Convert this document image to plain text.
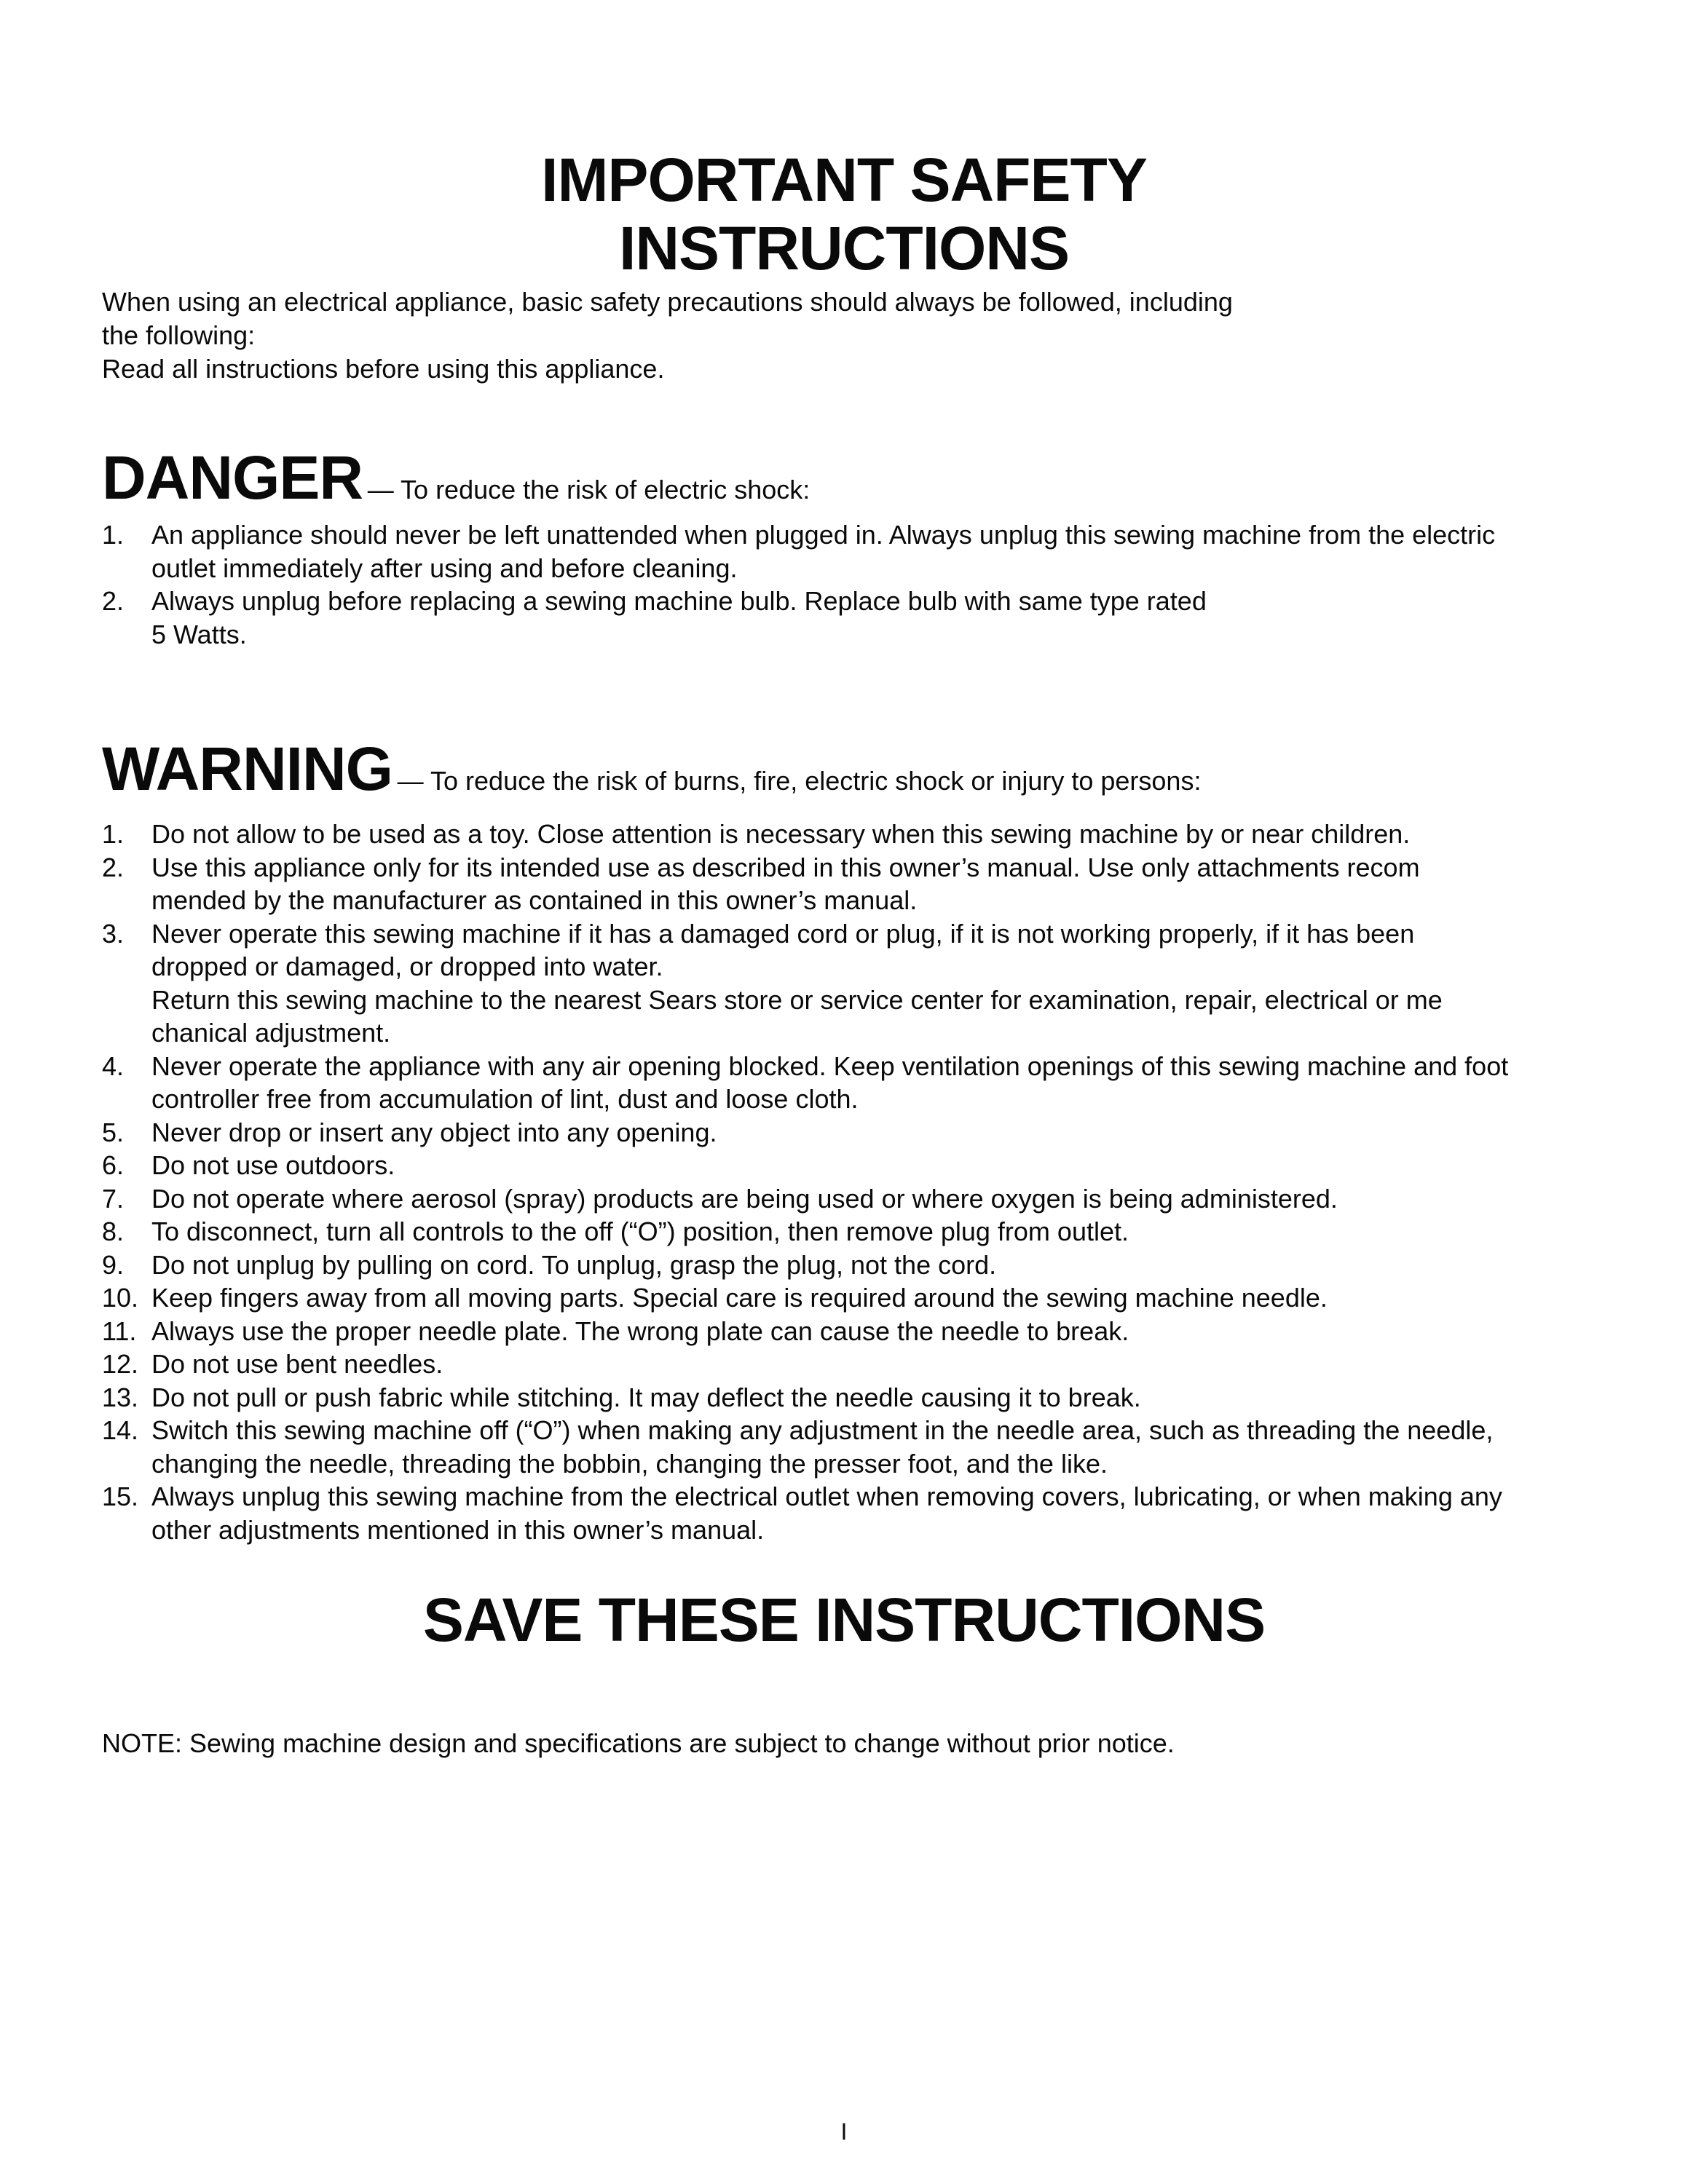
IMPORTANT SAFETY
INSTRUCTIONS

When using an electrical appliance, basic safety precautions should always be followed, including

the following:

Read all instructions before using this appliance.

DANGER — To reduce the risk of electric shock:
1. An appliance should never be left unattended when plugged in. Always unplug this sewing machine from the electric
outlet immediately after using and before cleaning.
2. Always unplug before replacing a sewing machine bulb. Replace bulb with same type rated
5 Watts.
WARNING — To reduce the risk of burns, fire, electric shock or injury to persons:
1. Do not allow to be used as a toy. Close attention is necessary when this sewing machine by or near children.
2. Use this appliance only for its intended use as described in this owner’s manual. Use only attachments recom
mended by the manufacturer as contained in this owner’s manual.
3. Never operate this sewing machine if it has a damaged cord or plug, if it is not working properly, if it has been
dropped or damaged, or dropped into water.
Return this sewing machine to the nearest Sears store or service center for examination, repair, electrical or me
chanical adjustment.
4. Never operate the appliance with any air opening blocked. Keep ventilation openings of this sewing machine and foot
controller free from accumulation of lint, dust and loose cloth.
5. Never drop or insert any object into any opening.
6. Do not use outdoors.
7. Do not operate where aerosol (spray) products are being used or where oxygen is being administered.
8. To disconnect, turn all controls to the off (“O”) position, then remove plug from outlet.
9. Do not unplug by pulling on cord. To unplug, grasp the plug, not the cord.
10. Keep fingers away from all moving parts. Special care is required around the sewing machine needle.
11. Always use the proper needle plate. The wrong plate can cause the needle to break.
12. Do not use bent needles.
13. Do not pull or push fabric while stitching. It may deflect the needle causing it to break.
14. Switch this sewing machine off (“O”) when making any adjustment in the needle area, such as threading the needle,
changing the needle, threading the bobbin, changing the presser foot, and the like.
15. Always unplug this sewing machine from the electrical outlet when removing covers, lubricating, or when making any
other adjustments mentioned in this owner’s manual.
SAVE THESE INSTRUCTIONS

NOTE: Sewing machine design and specifications are subject to change without prior notice.

I
